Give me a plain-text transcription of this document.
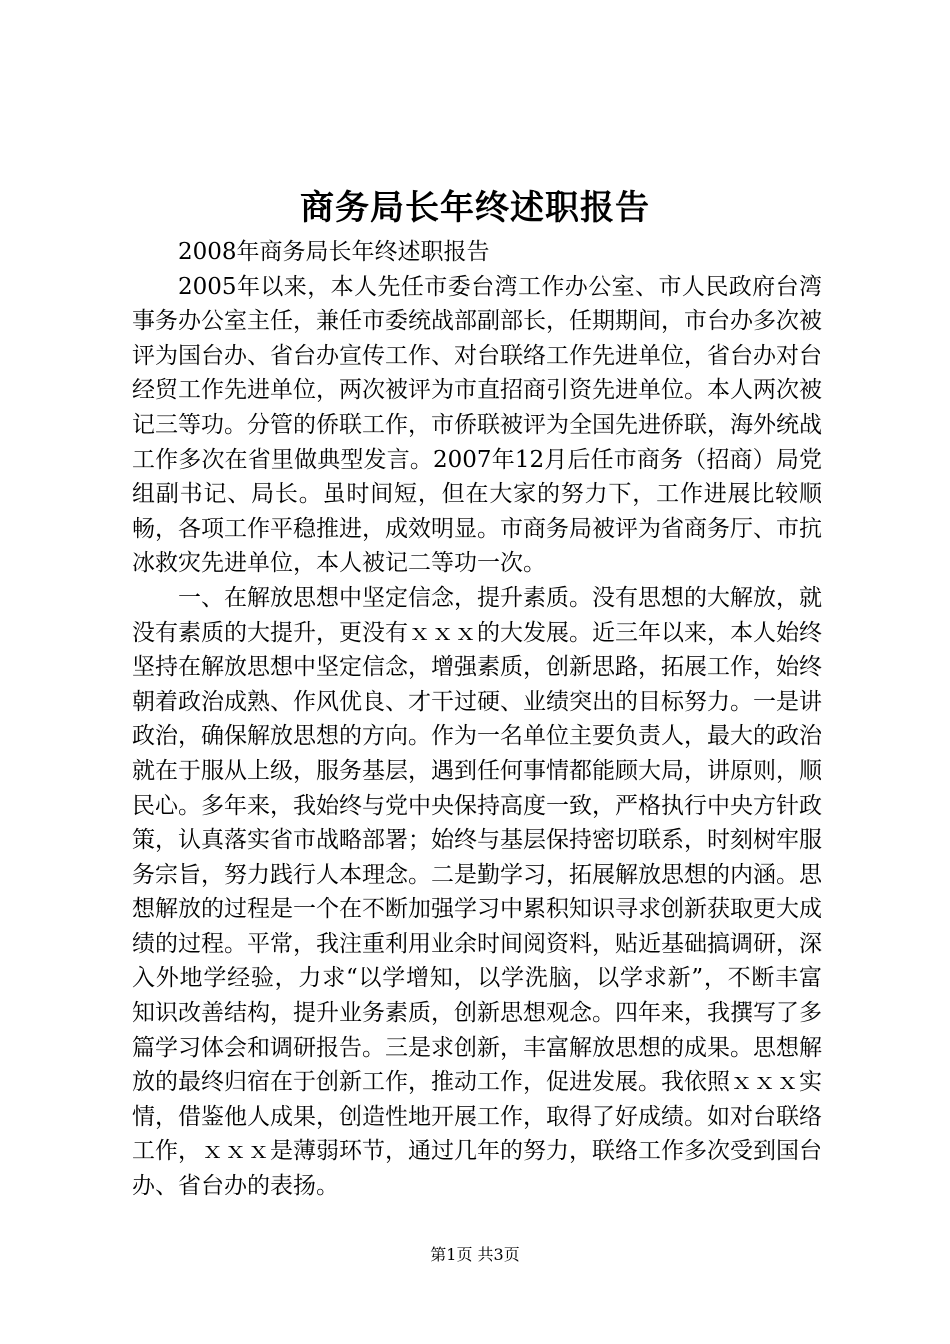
商务局长年终述职报告

2008年商务局长年终述职报告

2005年以来，本人先任市委台湾工作办公室、市人民政府台湾事务办公室主任，兼任市委统战部副部长，任期期间，市台办多次被评为国台办、省台办宣传工作、对台联络工作先进单位，省台办对台经贸工作先进单位，两次被评为市直招商引资先进单位。本人两次被记三等功。分管的侨联工作，市侨联被评为全国先进侨联，海外统战工作多次在省里做典型发言。2007年12月后任市商务（招商）局党组副书记、局长。虽时间短，但在大家的努力下，工作进展比较顺畅，各项工作平稳推进，成效明显。市商务局被评为省商务厅、市抗冰救灾先进单位，本人被记二等功一次。

一、在解放思想中坚定信念，提升素质。没有思想的大解放，就没有素质的大提升，更没有ｘｘｘ的大发展。近三年以来，本人始终坚持在解放思想中坚定信念，增强素质，创新思路，拓展工作，始终朝着政治成熟、作风优良、才干过硬、业绩突出的目标努力。一是讲政治，确保解放思想的方向。作为一名单位主要负责人，最大的政治就在于服从上级，服务基层，遇到任何事情都能顾大局，讲原则，顺民心。多年来，我始终与党中央保持高度一致，严格执行中央方针政策，认真落实省市战略部署；始终与基层保持密切联系，时刻树牢服务宗旨，努力践行人本理念。二是勤学习，拓展解放思想的内涵。思想解放的过程是一个在不断加强学习中累积知识寻求创新获取更大成绩的过程。平常，我注重利用业余时间阅资料，贴近基础搞调研，深入外地学经验，力求“以学增知，以学洗脑，以学求新”，不断丰富知识改善结构，提升业务素质，创新思想观念。四年来，我撰写了多篇学习体会和调研报告。三是求创新，丰富解放思想的成果。思想解放的最终归宿在于创新工作，推动工作，促进发展。我依照ｘｘｘ实情，借鉴他人成果，创造性地开展工作，取得了好成绩。如对台联络工作，ｘｘｘ是薄弱环节，通过几年的努力，联络工作多次受到国台办、省台办的表扬。

第1页 共3页
